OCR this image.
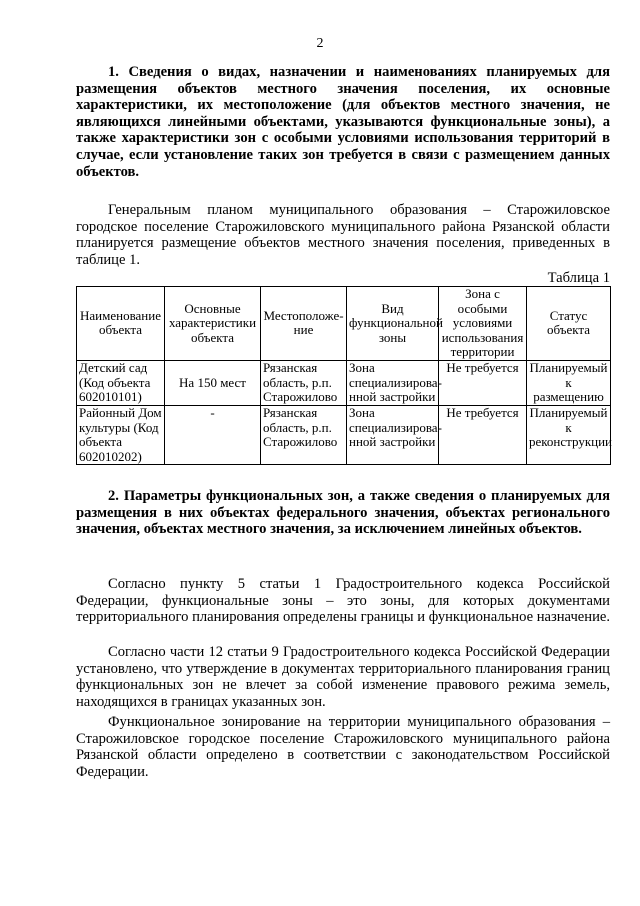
2

1. Сведения о видах, назначении и наименованиях планируемых для размещения объектов местного значения поселения, их основные характеристики, их местоположение (для объектов местного значения, не являющихся линейными объектами, указываются функциональные зоны), а также характеристики зон с особыми условиями использования территорий в случае, если установление таких зон требуется в связи с размещением данных объектов.

Генеральным планом муниципального образования – Старожиловское городское поселение Старожиловского муниципального района Рязанской области планируется размещение объектов местного значения поселения, приведенных в таблице 1.

Таблица 1
Наименование объекта	Основные характеристики объекта	Местоположе-ние	Вид функциональной зоны	Зона с особыми условиями использования территории	Статус объекта
Детский сад (Код объекта 602010101)	На 150 мест	Рязанская область, р.п. Старожилово	Зона специализирова-нной застройки	Не требуется	Планируемый к размещению
Районный Дом культуры (Код объекта 602010202)	-	Рязанская область, р.п. Старожилово	Зона специализирова-нной застройки	Не требуется	Планируемый к реконструкции

2. Параметры функциональных зон, а также сведения о планируемых для размещения в них объектах федерального значения, объектах регионального значения, объектах местного значения, за исключением линейных объектов.

Согласно пункту 5 статьи 1 Градостроительного кодекса Российской Федерации, функциональные зоны – это зоны, для которых документами территориального планирования определены границы и функциональное назначение.

Согласно части 12 статьи 9 Градостроительного кодекса Российской Федерации установлено, что утверждение в документах территориального планирования границ функциональных зон не влечет за собой изменение правового режима земель, находящихся в границах указанных зон.

Функциональное зонирование на территории муниципального образования – Старожиловское городское поселение Старожиловского муниципального района Рязанской области определено в соответствии с законодательством Российской Федерации.
